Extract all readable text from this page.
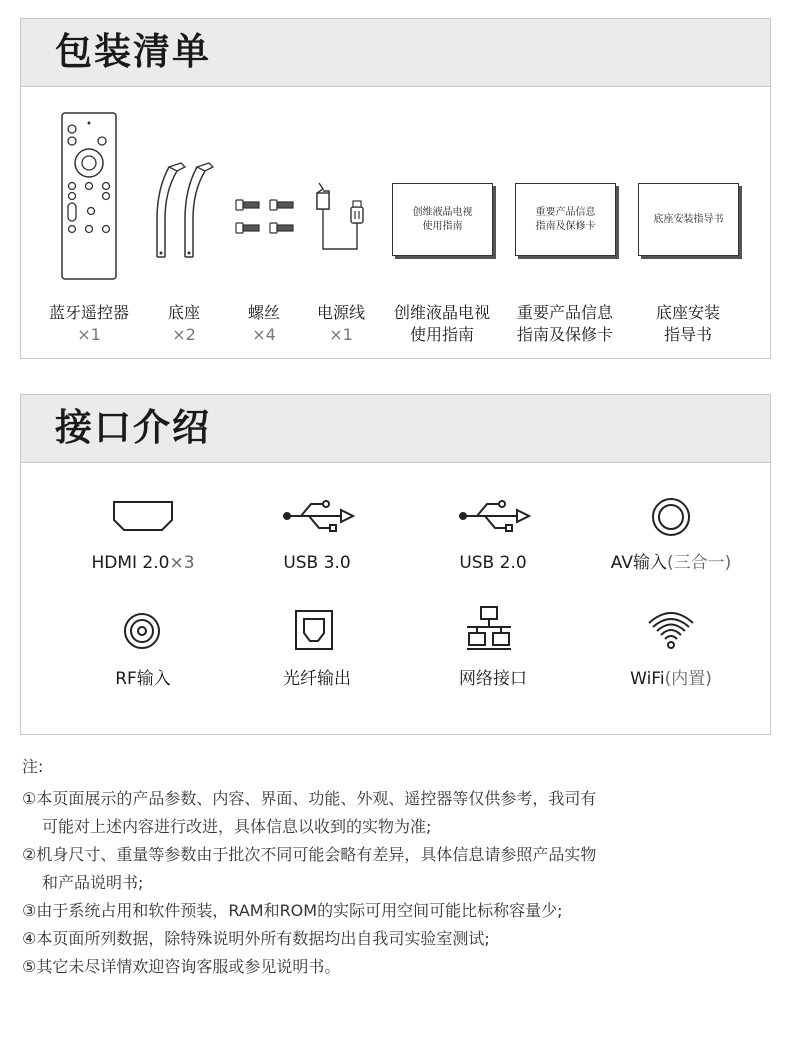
包装清单
创维液晶电视
使用指南
重要产品信息
指南及保修卡
底座安装指导书
蓝牙遥控器
×1
底座
×2
螺丝
×4
电源线
×1
创维液晶电视
使用指南
重要产品信息
指南及保修卡
底座安装
指导书
接口介绍
HDMI 2.0×3	USB 3.0	USB 2.0	AV输入(三合一)
RF输入	光纤输出	网络接口	WiFi(内置)
注:
①本页面展示的产品参数、内容、界面、功能、外观、遥控器等仅供参考，我司有
可能对上述内容进行改进，具体信息以收到的实物为准;
②机身尺寸、重量等参数由于批次不同可能会略有差异，具体信息请参照产品实物
和产品说明书;
③由于系统占用和软件预装，RAM和ROM的实际可用空间可能比标称容量少;
④本页面所列数据，除特殊说明外所有数据均出自我司实验室测试;
⑤其它未尽详情欢迎咨询客服或参见说明书。
